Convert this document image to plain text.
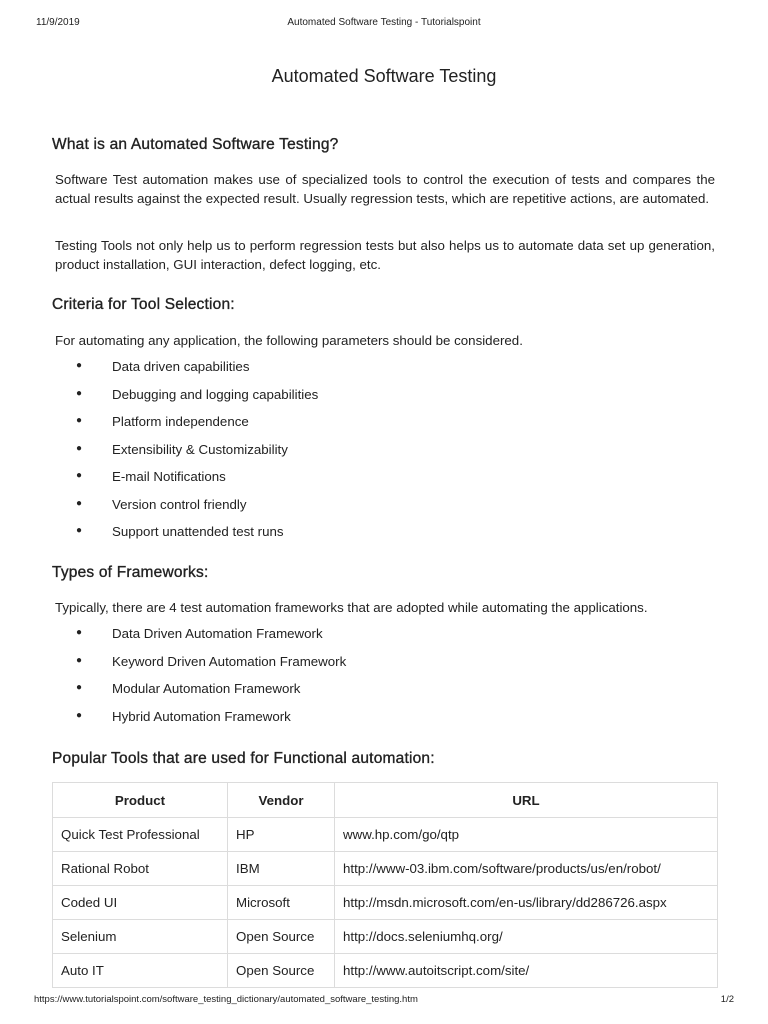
11/9/2019	Automated Software Testing - Tutorialspoint
Automated Software Testing
What is an Automated Software Testing?

Software Test automation makes use of specialized tools to control the execution of tests and compares the actual results against the expected result. Usually regression tests, which are repetitive actions, are automated.

Testing Tools not only help us to perform regression tests but also helps us to automate data set up generation, product installation, GUI interaction, defect logging, etc.

Criteria for Tool Selection:

For automating any application, the following parameters should be considered.

● Data driven capabilities
● Debugging and logging capabilities
● Platform independence
● Extensibility & Customizability
● E-mail Notifications
● Version control friendly
● Support unattended test runs
Types of Frameworks:

Typically, there are 4 test automation frameworks that are adopted while automating the applications.

● Data Driven Automation Framework
● Keyword Driven Automation Framework
● Modular Automation Framework
● Hybrid Automation Framework
Popular Tools that are used for Functional automation:
Product	Vendor	URL
Quick Test Professional	HP	www.hp.com/go/qtp
Rational Robot	IBM	http://www-03.ibm.com/software/products/us/en/robot/
Coded UI	Microsoft	http://msdn.microsoft.com/en-us/library/dd286726.aspx
Selenium	Open Source	http://docs.seleniumhq.org/
Auto IT	Open Source	http://www.autoitscript.com/site/
https://www.tutorialspoint.com/software_testing_dictionary/automated_software_testing.htm	1/2
